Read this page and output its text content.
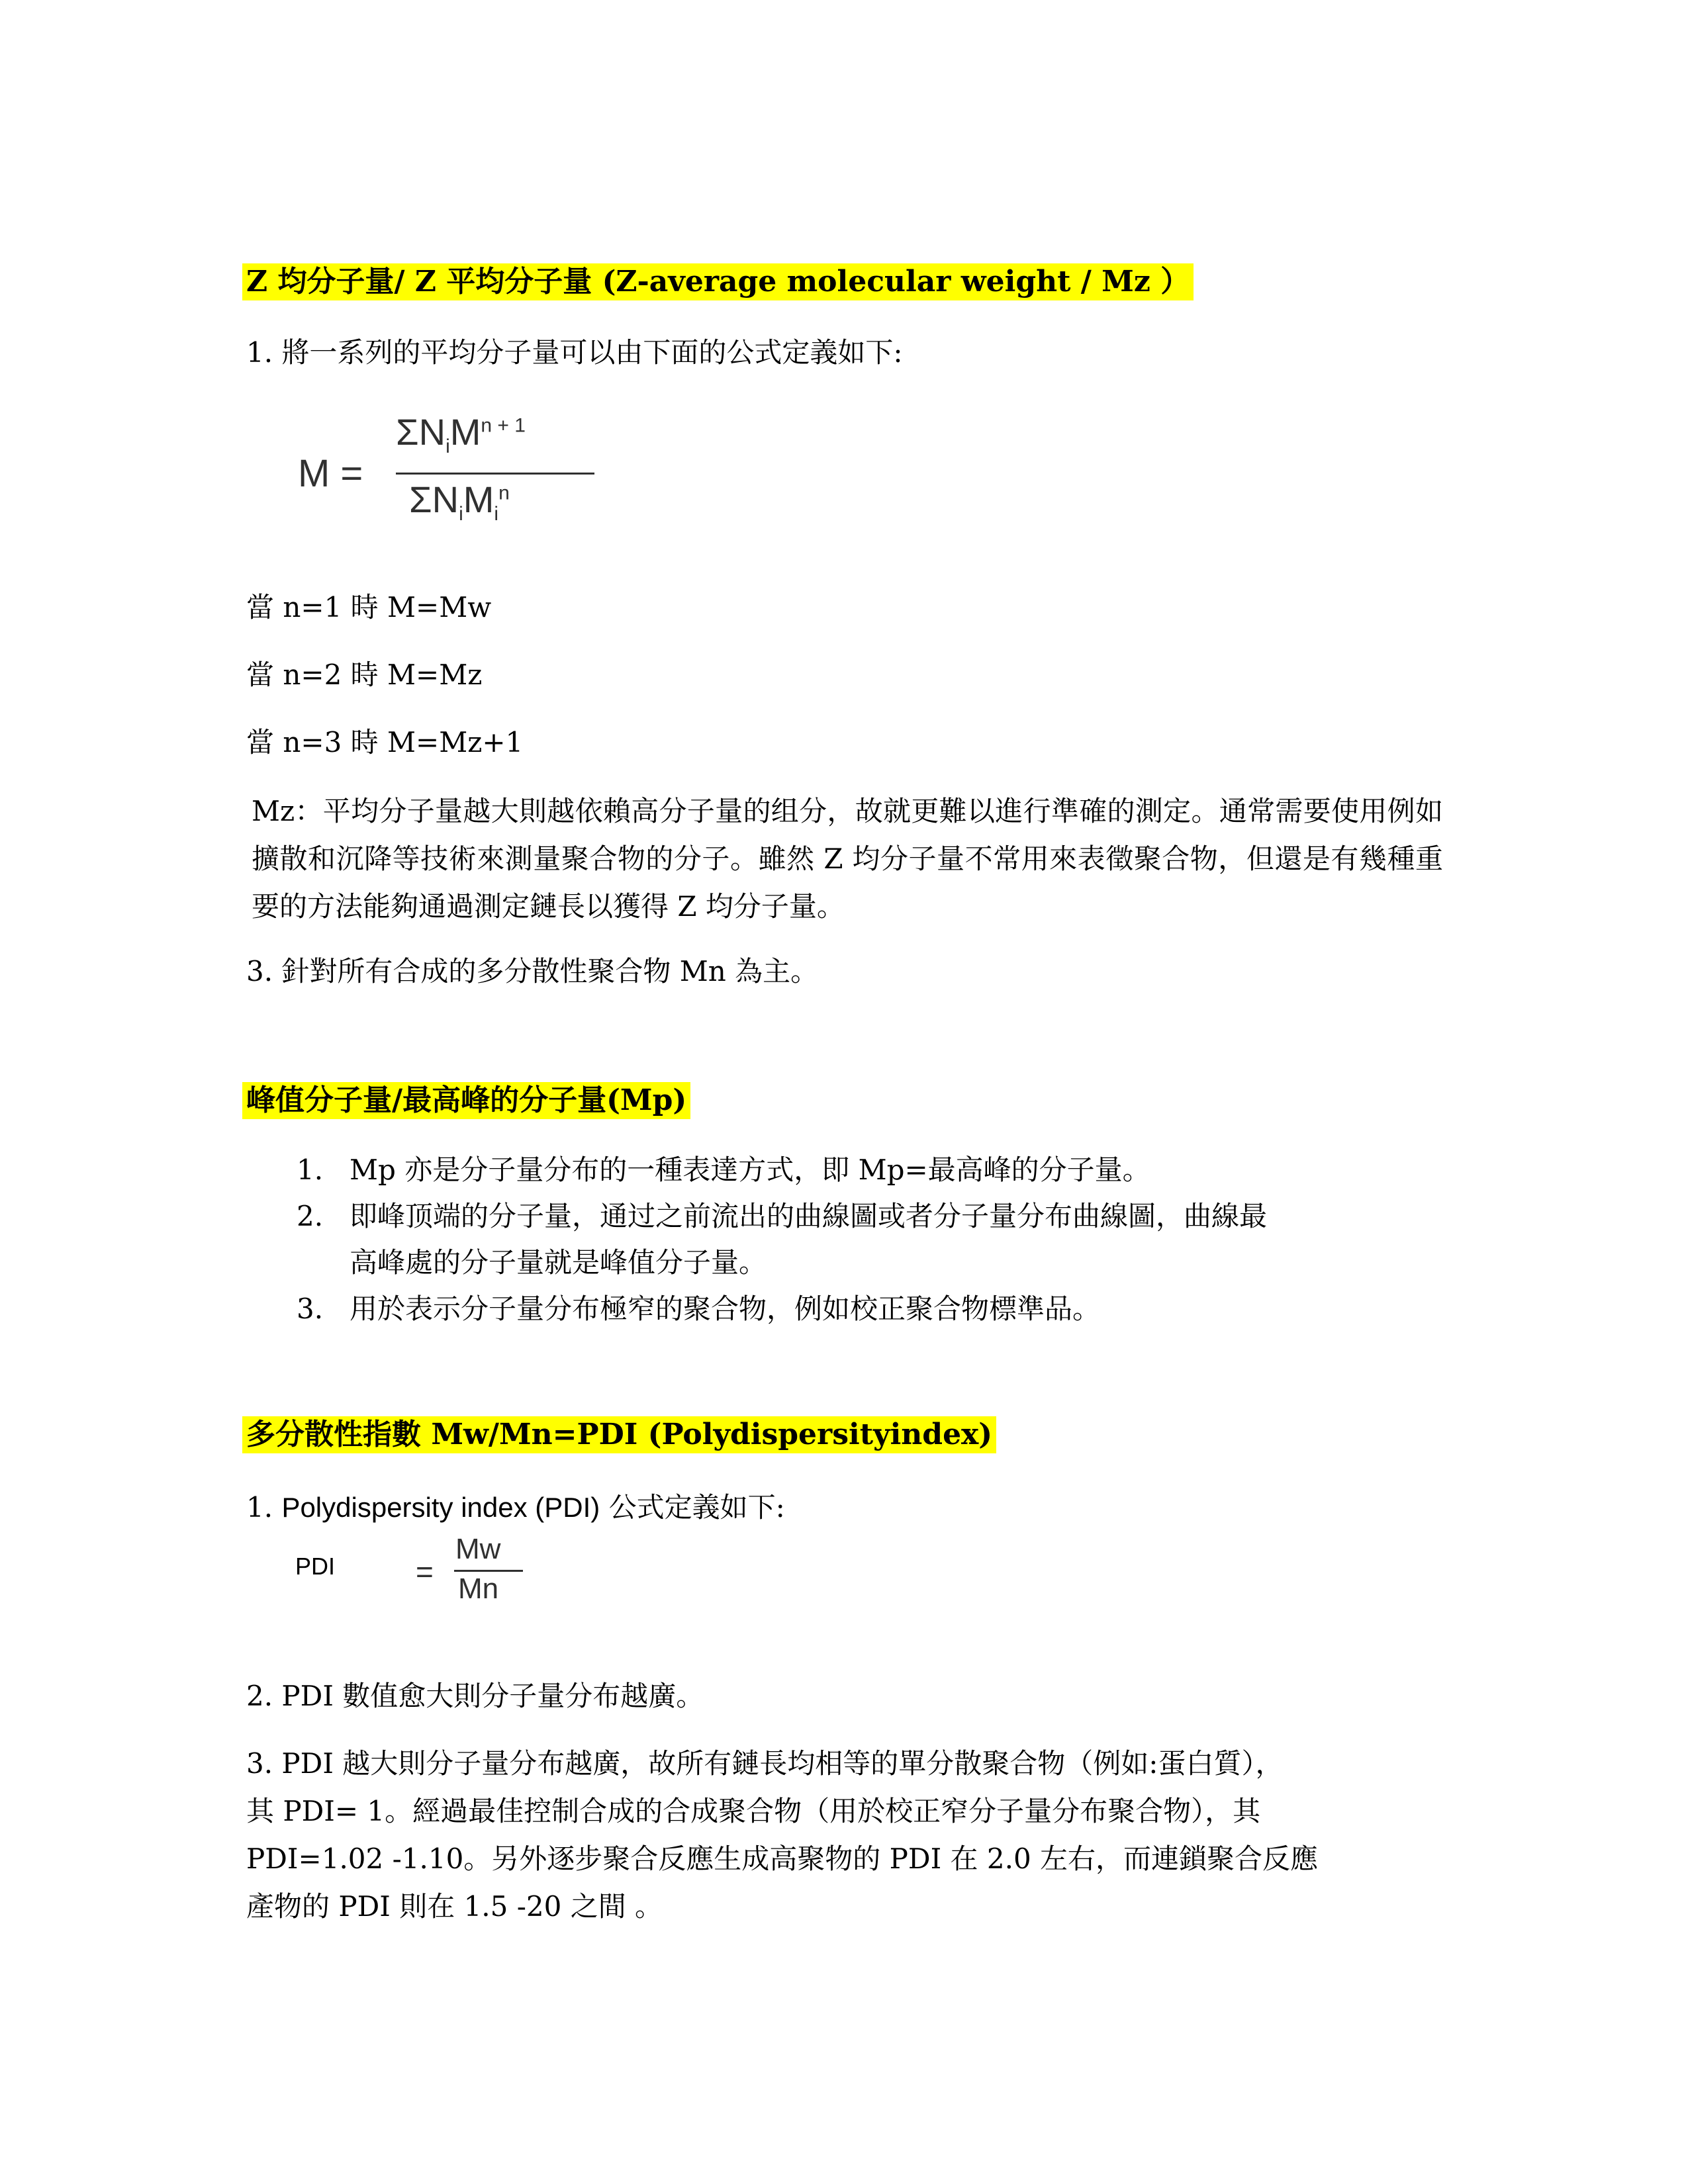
Z 均分子量/ Z 平均分子量 (Z-average molecular weight / Mz ）
1. 將一系列的平均分子量可以由下面的公式定義如下:
M =
$\Sigma N_iM^{n + 1}$
$\Sigma N_iM_i^n$
當 n=1 時 M=Mw
當 n=2 時 M=Mz
當 n=3 時 M=Mz+1
Mz：平均分子量越大則越依賴高分子量的组分，故就更難以進行準確的測定。通常需要使用例如擴散和沉降等技術來測量聚合物的分子。雖然 Z 均分子量不常用來表徵聚合物，但還是有幾種重要的方法能夠通過測定鏈長以獲得 Z 均分子量。
3. 針對所有合成的多分散性聚合物 Mn 為主。
峰值分子量/最高峰的分子量(Mp)
1. Mp 亦是分子量分布的一種表達方式，即 Mp=最高峰的分子量。
2. 即峰顶端的分子量，通过之前流出的曲線圖或者分子量分布曲線圖，曲線最
高峰處的分子量就是峰值分子量。
3. 用於表示分子量分布極窄的聚合物，例如校正聚合物標準品。
多分散性指數 Mw/Mn=PDI (Polydispersityindex)
1. Polydispersity index (PDI) 公式定義如下:
PDI	=
Mw
Mn
2. PDI 數值愈大則分子量分布越廣。
3. PDI 越大則分子量分布越廣，故所有鏈長均相等的單分散聚合物（例如:蛋白質），
其 PDI= 1。經過最佳控制合成的合成聚合物（用於校正窄分子量分布聚合物），其
PDI=1.02 -1.10。另外逐步聚合反應生成高聚物的 PDI 在 2.0 左右，而連鎖聚合反應
產物的 PDI 則在 1.5 -20 之間 。
